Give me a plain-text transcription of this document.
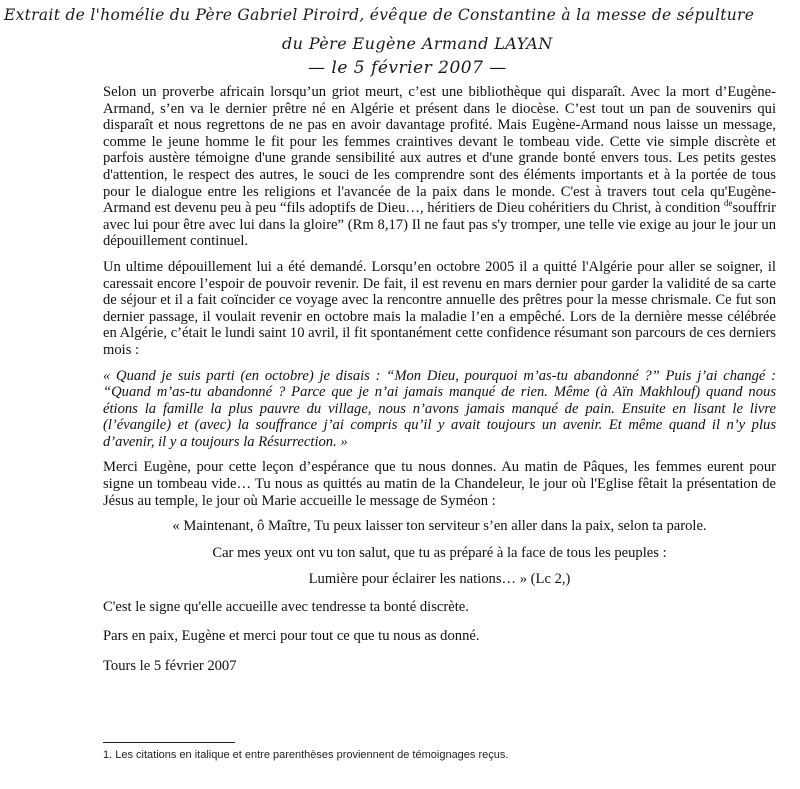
Extrait de l'homélie du Père Gabriel Piroird, évêque de Constantine à la messe de sépulture
du Père Eugène Armand LAYAN
— le 5 février 2007 —

Selon un proverbe africain lorsqu’un griot meurt, c’est une bibliothèque qui disparaît. Avec la mort d’Eugène-Armand, s’en va le dernier prêtre né en Algérie et présent dans le diocèse. C’est tout un pan de souvenirs qui disparaît et nous regrettons de ne pas en avoir davantage profité. Mais Eugène-Armand nous laisse un message, comme le jeune homme le fit pour les femmes craintives devant le tombeau vide. Cette vie simple discrète et parfois austère témoigne d'une grande sensibilité aux autres et d'une grande bonté envers tous. Les petits gestes d'attention, le respect des autres, le souci de les comprendre sont des éléments importants et à la portée de tous pour le dialogue entre les religions et l'avancée de la paix dans le monde. C'est à travers tout cela qu'Eugène-Armand est devenu peu à peu “fils adoptifs de Dieu…, héritiers de Dieu cohéritiers du Christ, à condition $^{de}$souffrir avec lui pour être avec lui dans la gloire” (Rm 8,17) Il ne faut pas s'y tromper, une telle vie exige au jour le jour un dépouillement continuel.

Un ultime dépouillement lui a été demandé. Lorsqu’en octobre 2005 il a quitté l'Algérie pour aller se soigner, il caressait encore l’espoir de pouvoir revenir. De fait, il est revenu en mars dernier pour garder la validité de sa carte de séjour et il a fait coïncider ce voyage avec la rencontre annuelle des prêtres pour la messe chrismale. Ce fut son dernier passage, il voulait revenir en octobre mais la maladie l’en a empêché. Lors de la dernière messe célébrée en Algérie, c’était le lundi saint 10 avril, il fit spontanément cette confidence résumant son parcours de ces derniers mois :

« Quand je suis parti (en octobre) je disais : “Mon Dieu, pourquoi m’as-tu abandonné ?” Puis j’ai changé : “Quand m’as-tu abandonné ? Parce que je n’ai jamais manqué de rien. Même (à Aïn Makhlouf) quand nous étions la famille la plus pauvre du village, nous n’avons jamais manqué de pain. Ensuite en lisant le livre (l’évangile) et (avec) la souffrance j’ai compris qu’il y avait toujours un avenir. Et même quand il n’y plus d’avenir, il y a toujours la Résurrection. »

Merci Eugène, pour cette leçon d’espérance que tu nous donnes. Au matin de Pâques, les femmes eurent pour signe un tombeau vide… Tu nous as quittés au matin de la Chandeleur, le jour où l'Eglise fêtait la présentation de Jésus au temple, le jour où Marie accueille le message de Syméon :

« Maintenant, ô Maître, Tu peux laisser ton serviteur s’en aller dans la paix, selon ta parole.

Car mes yeux ont vu ton salut, que tu as préparé à la face de tous les peuples :

Lumière pour éclairer les nations… » (Lc 2,)

C'est le signe qu'elle accueille avec tendresse ta bonté discrète.

Pars en paix, Eugène et merci pour tout ce que tu nous as donné.

Tours le 5 février 2007

1. Les citations en italique et entre parenthèses proviennent de témoignages reçus.
